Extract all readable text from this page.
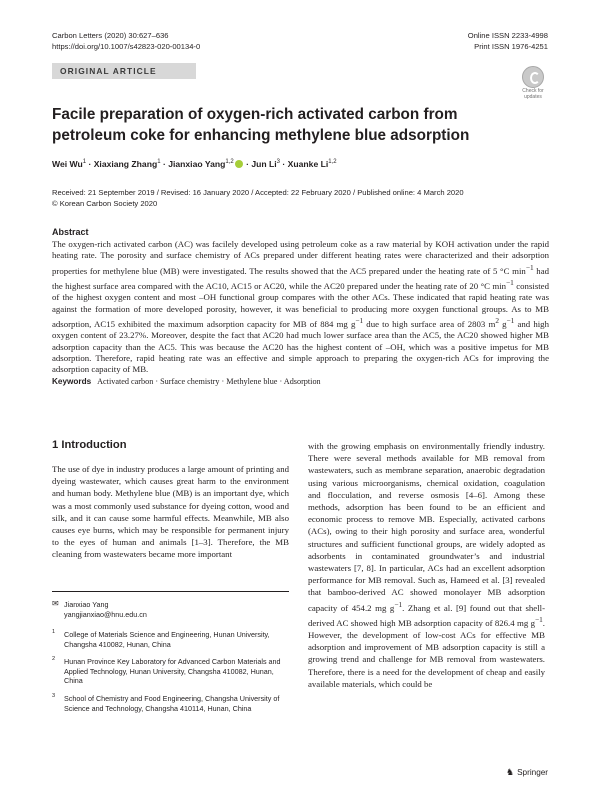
Carbon Letters (2020) 30:627–636
https://doi.org/10.1007/s42823-020-00134-0
Online ISSN 2233-4998
Print ISSN 1976-4251
ORIGINAL ARTICLE
Check for
updates
Facile preparation of oxygen-rich activated carbon from petroleum coke for enhancing methylene blue adsorption
Wei $Wu^1$ · Xiaxiang Zhang$^1$ · Jianxiao Yang$^{1,2}$ · Jun $Li^3$ · Xuanke Li$^{1,2}$
Received: 21 September 2019 / Revised: 16 January 2020 / Accepted: 22 February 2020 / Published online: 4 March 2020
© Korean Carbon Society 2020
Abstract
The oxygen-rich activated carbon (AC) was facilely developed using petroleum coke as a raw material by KOH activation under the rapid heating rate. The porosity and surface chemistry of ACs prepared under different heating rates were characterized and their adsorption properties for methylene blue (MB) were investigated. The results showed that the AC5 prepared under the heating rate of 5 °C $\min^{-1}$ had the highest surface area compared with the AC10, AC15 or AC20, while the AC20 prepared under the heating rate of 20 °C $\min^{-1}$ consisted of the highest oxygen content and most –OH functional group compares with the other ACs. These indicated that rapid heating rate was against the formation of more developed porosity, however, it was beneficial to producing more oxygen functional groups. As to MB adsorption, AC15 exhibited the maximum adsorption capacity for MB of 884 mg $g^{-1}$ due to high surface area of 2803 $m^2$ $g^{-1}$ and high oxygen content of 23.27%. Moreover, despite the fact that AC20 had much lower surface area than the AC5, the AC20 showed higher MB adsorption capacity than the AC5. This was because the AC20 has the highest content of –OH, which was a positive impetus for MB adsorption. Therefore, rapid heating rate was an effective and simple approach to preparing the oxygen-rich ACs for improving the adsorption capacity of MB.
Keywords Activated carbon · Surface chemistry · Methylene blue · Adsorption
1 Introduction
The use of dye in industry produces a large amount of printing and dyeing wastewater, which causes great harm to the environment and human body. Methylene blue (MB) is an important dye, which was a most commonly used substance for dyeing cotton, wood and silk, and it can cause some harmful effects. Meanwhile, MB also causes eye burns, which may be responsible for permanent injury to the eyes of human and animals [1–3]. Therefore, the MB cleaning from wastewaters became more important
with the growing emphasis on environmentally friendly industry. There were several methods available for MB removal from wastewaters, such as membrane separation, anaerobic degradation using various microorganisms, chemical oxidation, coagulation and flocculation, and reverse osmosis [4–6]. Among these methods, adsorption has been found to be an efficient and economic process to remove MB. Especially, activated carbons (ACs), owing to their high porosity and surface area, wonderful structures and sufficient functional groups, are widely adopted as adsorbents in contaminated groundwater’s and industrial wastewaters [7, 8]. In particular, ACs had an excellent adsorption performance for MB removal. Such as, Hameed et al. [3] revealed that bamboo-derived AC showed monolayer MB adsorption capacity of 454.2 mg $g^{-1}$. Zhang et al. [9] found out that shell-derived AC showed high MB adsorption capacity of 826.4 mg $g^{-1}$. However, the development of low-cost ACs for effective MB adsorption and improvement of MB adsorption capacity is still a growing trend and challenge for MB removal from wastewaters. Therefore, there is a need for the development of cheap and easily available materials, which could be
✉ Jianxiao Yang
yangjianxiao@hnu.edu.cn
1 College of Materials Science and Engineering, Hunan University, Changsha 410082, Hunan, China
2 Hunan Province Key Laboratory for Advanced Carbon Materials and Applied Technology, Hunan University, Changsha 410082, Hunan, China
3 School of Chemistry and Food Engineering, Changsha University of Science and Technology, Changsha 410114, Hunan, China
♞ Springer
